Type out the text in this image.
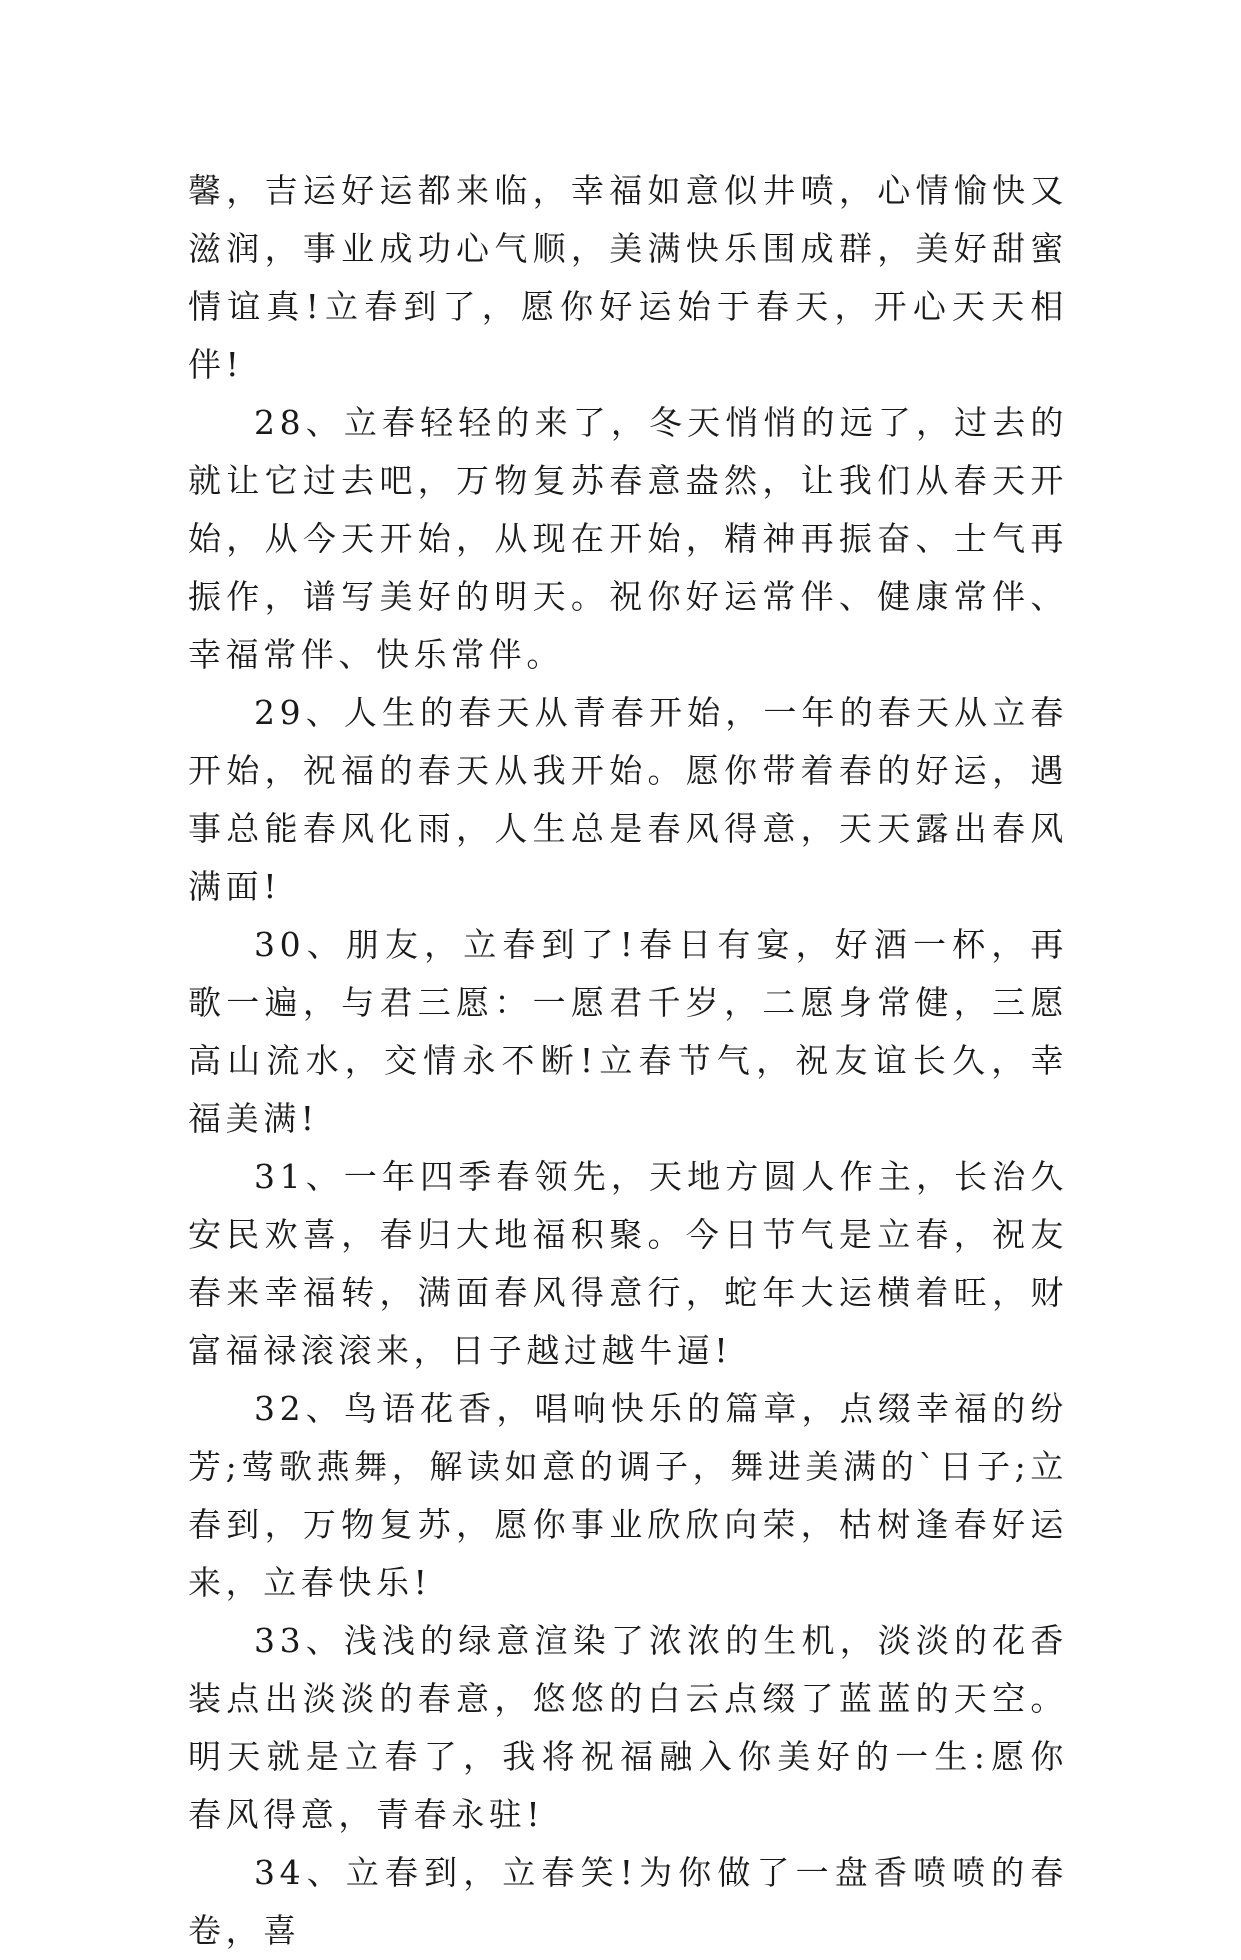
馨，吉运好运都来临，幸福如意似井喷，心情愉快又滋润，事业成功心气顺，美满快乐围成群，美好甜蜜情谊真!立春到了，愿你好运始于春天，开心天天相伴!

28、立春轻轻的来了，冬天悄悄的远了，过去的就让它过去吧，万物复苏春意盎然，让我们从春天开始，从今天开始，从现在开始，精神再振奋、士气再振作，谱写美好的明天。祝你好运常伴、健康常伴、幸福常伴、快乐常伴。

29、人生的春天从青春开始，一年的春天从立春开始，祝福的春天从我开始。愿你带着春的好运，遇事总能春风化雨，人生总是春风得意，天天露出春风满面!

30、朋友，立春到了!春日有宴，好酒一杯，再歌一遍，与君三愿：一愿君千岁，二愿身常健，三愿高山流水，交情永不断!立春节气，祝友谊长久，幸福美满!

31、一年四季春领先，天地方圆人作主，长治久安民欢喜，春归大地福积聚。今日节气是立春，祝友春来幸福转，满面春风得意行，蛇年大运横着旺，财富福禄滚滚来，日子越过越牛逼!

32、鸟语花香，唱响快乐的篇章，点缀幸福的纷芳;莺歌燕舞，解读如意的调子，舞进美满的`日子;立春到，万物复苏，愿你事业欣欣向荣，枯树逢春好运来，立春快乐!

33、浅浅的绿意渲染了浓浓的生机，淡淡的花香装点出淡淡的春意，悠悠的白云点缀了蓝蓝的天空。明天就是立春了，我将祝福融入你美好的一生:愿你春风得意，青春永驻!

34、立春到，立春笑!为你做了一盘香喷喷的春卷，喜
